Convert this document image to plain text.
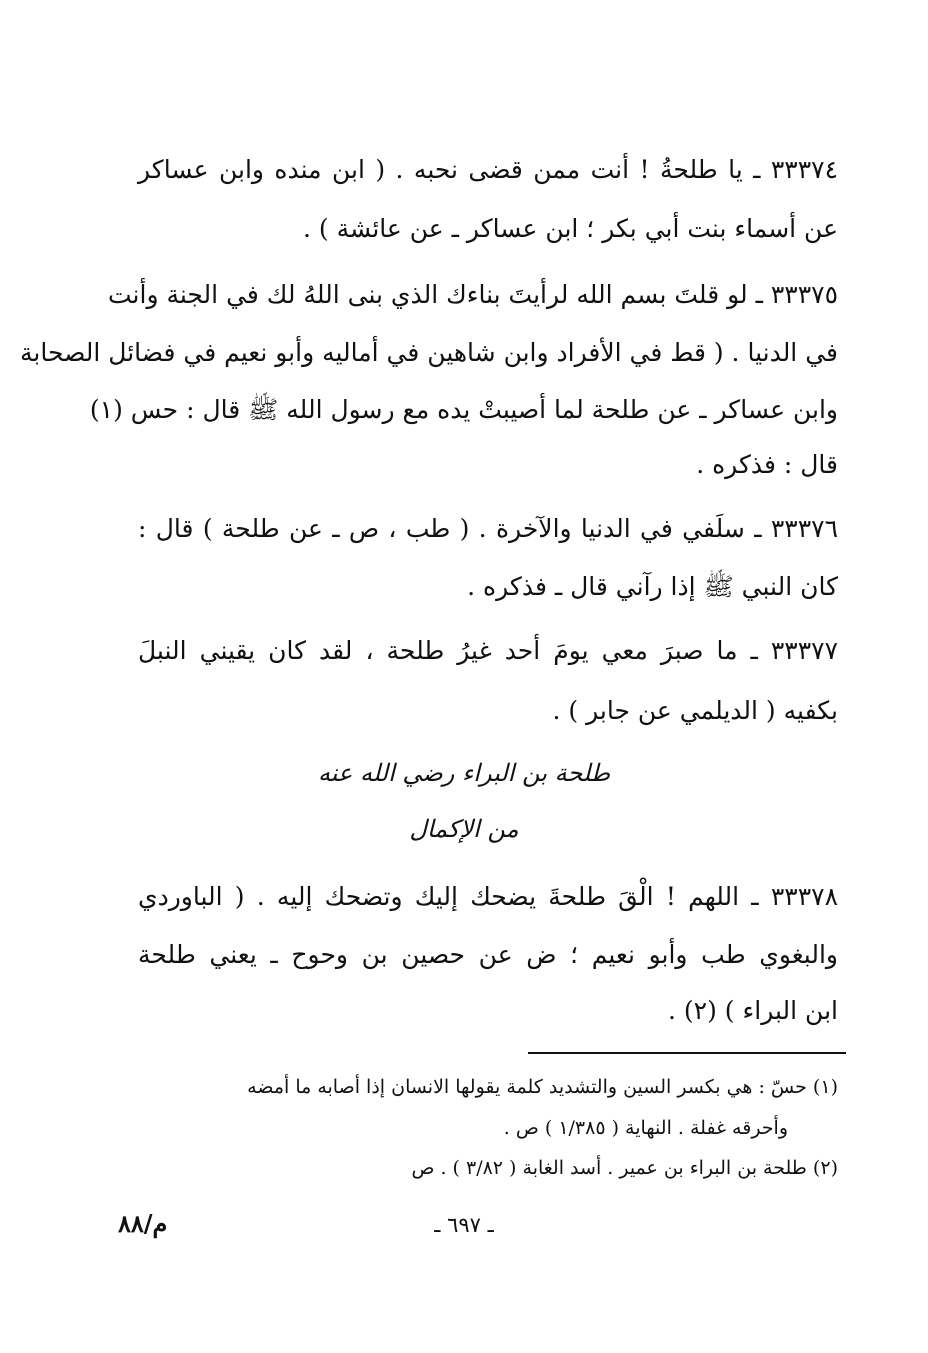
٣٣٣٧٤ ـ يا طلحةُ ! أنت ممن قضى نحبه . ( ابن منده وابن عساكر
عن أسماء بنت أبي بكر ؛ ابن عساكر ـ عن عائشة ) .
٣٣٣٧٥ ـ لو قلتَ بسم الله لرأيتَ بناءك الذي بنى اللهُ لك في الجنة وأنت
في الدنيا . ( قط في الأفراد وابن شاهين في أماليه وأبو نعيم في فضائل الصحابة
وابن عساكر ـ عن طلحة لما أصيبتْ يده مع رسول الله ﷺ قال : حس (١)
قال : فذكره .
٣٣٣٧٦ ـ سلَفي في الدنيا والآخرة . ( طب ، ص ـ عن طلحة ) قال :
كان النبي ﷺ إذا رآني قال ـ فذكره .
٣٣٣٧٧ ـ ما صبرَ معي يومَ أحد غيرُ طلحة ، لقد كان يقيني النبلَ
بكفيه ( الديلمي عن جابر ) .
طلحة بن البراء رضي الله عنه
من الإكمال
٣٣٣٧٨ ـ اللهم ! الْقَ طلحةَ يضحك إليك وتضحك إليه . ( الباوردي
والبغوي طب وأبو نعيم ؛ ض عن حصين بن وحوح ـ يعني طلحة
ابن البراء ) (٢) .
(١) حسّ : هي بكسر السين والتشديد كلمة يقولها الانسان إذا أصابه ما أمضه
وأحرقه غفلة . النهاية ( ١/٣٨٥ ) ص .
(٢) طلحة بن البراء بن عمير . أسد الغابة ( ٣/٨٢ ) . ص
ـ ٦٩٧ ـ
م/٨٨
